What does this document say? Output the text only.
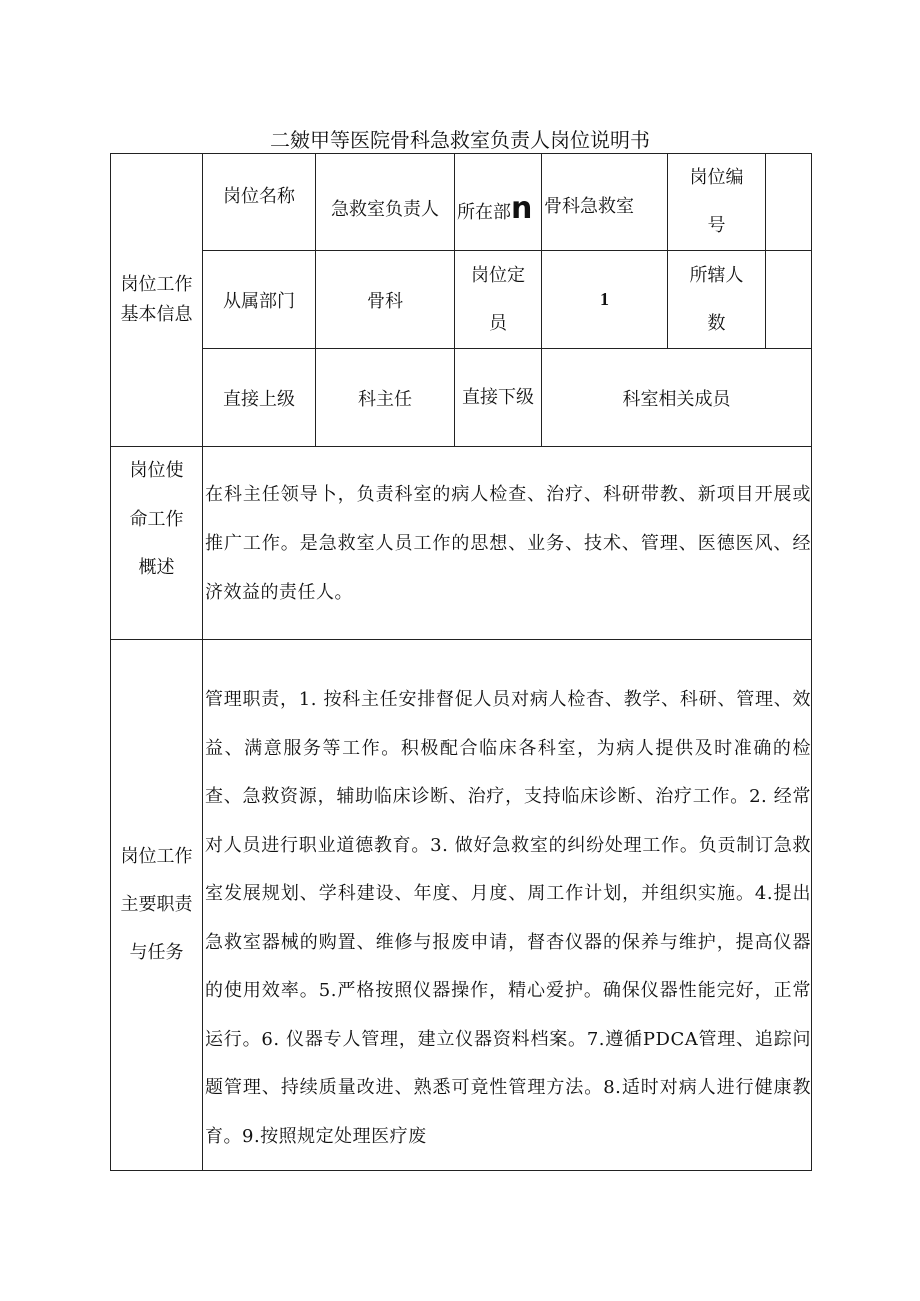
二皴甲等医院骨科急救室负责人岗位说明书
岗位工作基本信息	岗位名称	急救室负责人	所在部n	骨科急救室	岗位编号	

	从属部门	骨科	岗位定员	1	所辖人数	

	直接上级	科主任	直接下级	科室相关成员		

岗位使命工作概述	在科主任领导卜，负责科室的病人检查、治疗、科研带教、新项目开展或推广工作。是急救室人员工作的思想、业务、技术、管理、医德医风、经济效益的责任人。					

岗位工作主要职责与任务	管理职责，1. 按科主任安排督促人员对病人检杳、教学、科研、管理、效益、满意服务等工作。积极配合临床各科室，为病人提供及时准确的检查、急救资源，辅助临床诊断、治疗，支持临床诊断、治疗工作。2. 经常对人员进行职业道德教育。3. 做好急救室的纠纷处理工作。负贡制订急救室发展规划、学科建设、年度、月度、周工作计划，并组织实施。4.提出急救室器械的购置、维修与报废申请，督杳仪器的保养与维护，提高仪器的使用效率。5.严格按照仪器操作，精心爱护。确保仪器性能完好，正常运行。6. 仪器专人管理，建立仪器资料档案。7.遵循PDCA管理、追踪问题管理、持续质量改进、熟悉可竟性管理方法。8.适时对病人进行健康教育。9.按照规定处理医疗废					
